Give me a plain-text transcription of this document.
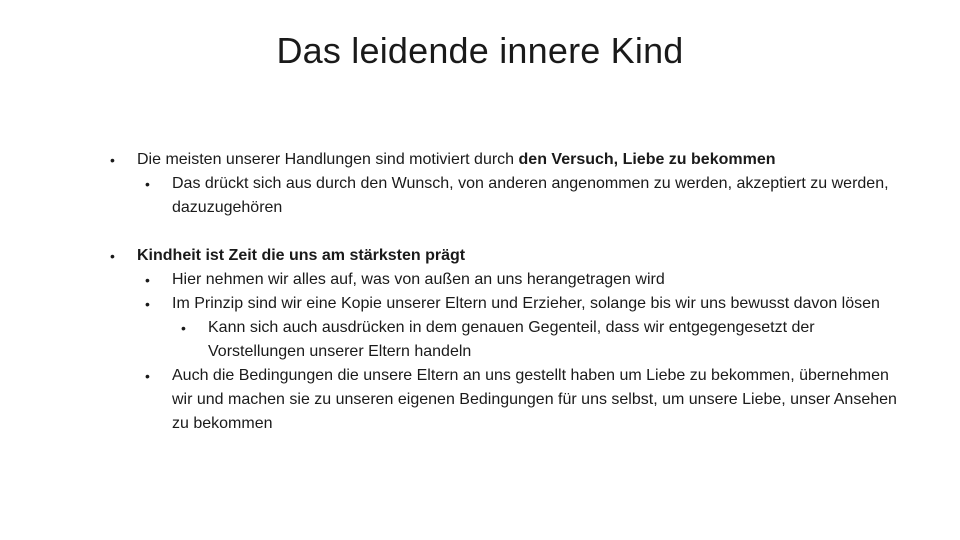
Das leidende innere Kind
• Die meisten unserer Handlungen sind motiviert durch den Versuch, Liebe zu bekommen
• Das drückt sich aus durch den Wunsch, von anderen angenommen zu werden, akzeptiert zu werden, dazuzugehören
• Kindheit ist Zeit die uns am stärksten prägt
• Hier nehmen wir alles auf, was von außen an uns herangetragen wird
• Im Prinzip sind wir eine Kopie unserer Eltern und Erzieher, solange bis wir uns bewusst davon lösen
• Kann sich auch ausdrücken in dem genauen Gegenteil, dass wir entgegengesetzt der Vorstellungen unserer Eltern handeln
• Auch die Bedingungen die unsere Eltern an uns gestellt haben um Liebe zu bekommen, übernehmen wir und machen sie zu unseren eigenen Bedingungen für uns selbst, um unsere Liebe, unser Ansehen zu bekommen
